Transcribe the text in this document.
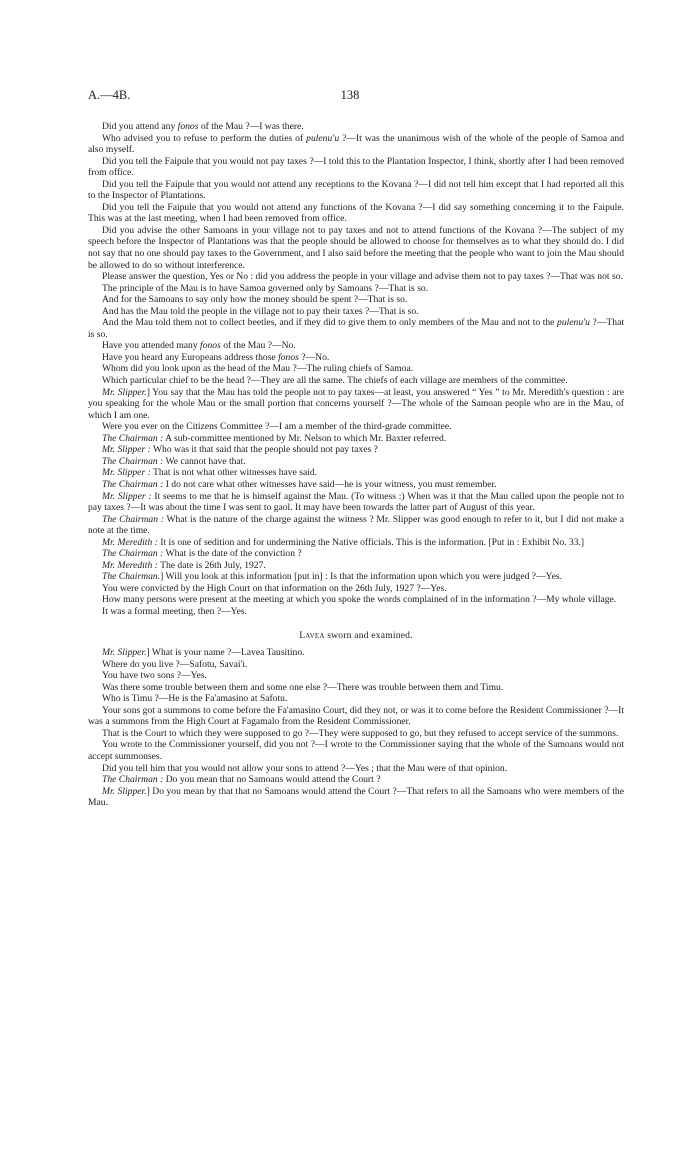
A.—4B.	138

Did you attend any fonos of the Mau ?—I was there.

Who advised you to refuse to perform the duties of pulenu'u ?—It was the unanimous wish of the whole of the people of Samoa and also myself.

Did you tell the Faipule that you would not pay taxes ?—I told this to the Plantation Inspector, I think, shortly after I had been removed from office.

Did you tell the Faipule that you would not attend any receptions to the Kovana ?—I did not tell him except that I had reported all this to the Inspector of Plantations.

Did you tell the Faipule that you would not attend any functions of the Kovana ?—I did say something concerning it to the Faipule. This was at the last meeting, when I had been removed from office.

Did you advise the other Samoans in your village not to pay taxes and not to attend functions of the Kovana ?—The subject of my speech before the Inspector of Plantations was that the people should be allowed to choose for themselves as to what they should do. I did not say that no one should pay taxes to the Government, and I also said before the meeting that the people who want to join the Mau should be allowed to do so without interference.

Please answer the question, Yes or No : did you address the people in your village and advise them not to pay taxes ?—That was not so.

The principle of the Mau is to have Samoa governed only by Samoans ?—That is so.

And for the Samoans to say only how the money should be spent ?—That is so.

And has the Mau told the people in the village not to pay their taxes ?—That is so.

And the Mau told them not to collect beetles, and if they did to give them to only members of the Mau and not to the pulenu'u ?—That is so.

Have you attended many fonos of the Mau ?—No.

Have you heard any Europeans address those fonos ?—No.

Whom did you look upon as the head of the Mau ?—The ruling chiefs of Samoa.

Which particular chief to be the head ?—They are all the same. The chiefs of each village are members of the committee.

Mr. Slipper.] You say that the Mau has told the people not to pay taxes—at least, you answered “ Yes ” to Mr. Meredith's question : are you speaking for the whole Mau or the small portion that concerns yourself ?—The whole of the Samoan people who are in the Mau, of which I am one.

Were you ever on the Citizens Committee ?—I am a member of the third-grade committee.

The Chairman : A sub-committee mentioned by Mr. Nelson to which Mr. Baxter referred.

Mr. Slipper : Who was it that said that the people should not pay taxes ?

The Chairman : We cannot have that.

Mr. Slipper : That is not what other witnesses have said.

The Chairman : I do not care what other witnesses have said—he is your witness, you must remember.

Mr. Slipper : It seems to me that he is himself against the Mau. (To witness :) When was it that the Mau called upon the people not to pay taxes ?—It was about the time I was sent to gaol. It may have been towards the latter part of August of this year.

The Chairman : What is the nature of the charge against the witness ? Mr. Slipper was good enough to refer to it, but I did not make a note at the time.

Mr. Meredith : It is one of sedition and for undermining the Native officials. This is the information. [Put in : Exhibit No. 33.]

The Chairman : What is the date of the conviction ?

Mr. Meredith : The date is 26th July, 1927.

The Chairman.] Will you look at this information [put in] : Is that the information upon which you were judged ?—Yes.

You were convicted by the High Court on that information on the 26th July, 1927 ?—Yes.

How many persons were present at the meeting at which you spoke the words complained of in the information ?—My whole village.

It was a formal meeting, then ?—Yes.

Lavea sworn and examined.

Mr. Slipper.] What is your name ?—Lavea Tausitino.

Where do you live ?—Safotu, Savai'i.

You have two sons ?—Yes.

Was there some trouble between them and some one else ?—There was trouble between them and Timu.

Who is Timu ?—He is the Fa'amasino at Safotu.

Your sons got a summons to come before the Fa'amasino Court, did they not, or was it to come before the Resident Commissioner ?—It was a summons from the High Court at Fagamalo from the Resident Commissioner.

That is the Court to which they were supposed to go ?—They were supposed to go, but they refused to accept service of the summons.

You wrote to the Commissioner yourself, did you not ?—I wrote to the Commissioner saying that the whole of the Samoans would not accept summonses.

Did you tell him that you would not allow your sons to attend ?—Yes ; that the Mau were of that opinion.

The Chairman : Do you mean that no Samoans would attend the Court ?

Mr. Slipper.] Do you mean by that that no Samoans would attend the Court ?—That refers to all the Samoans who were members of the Mau.
